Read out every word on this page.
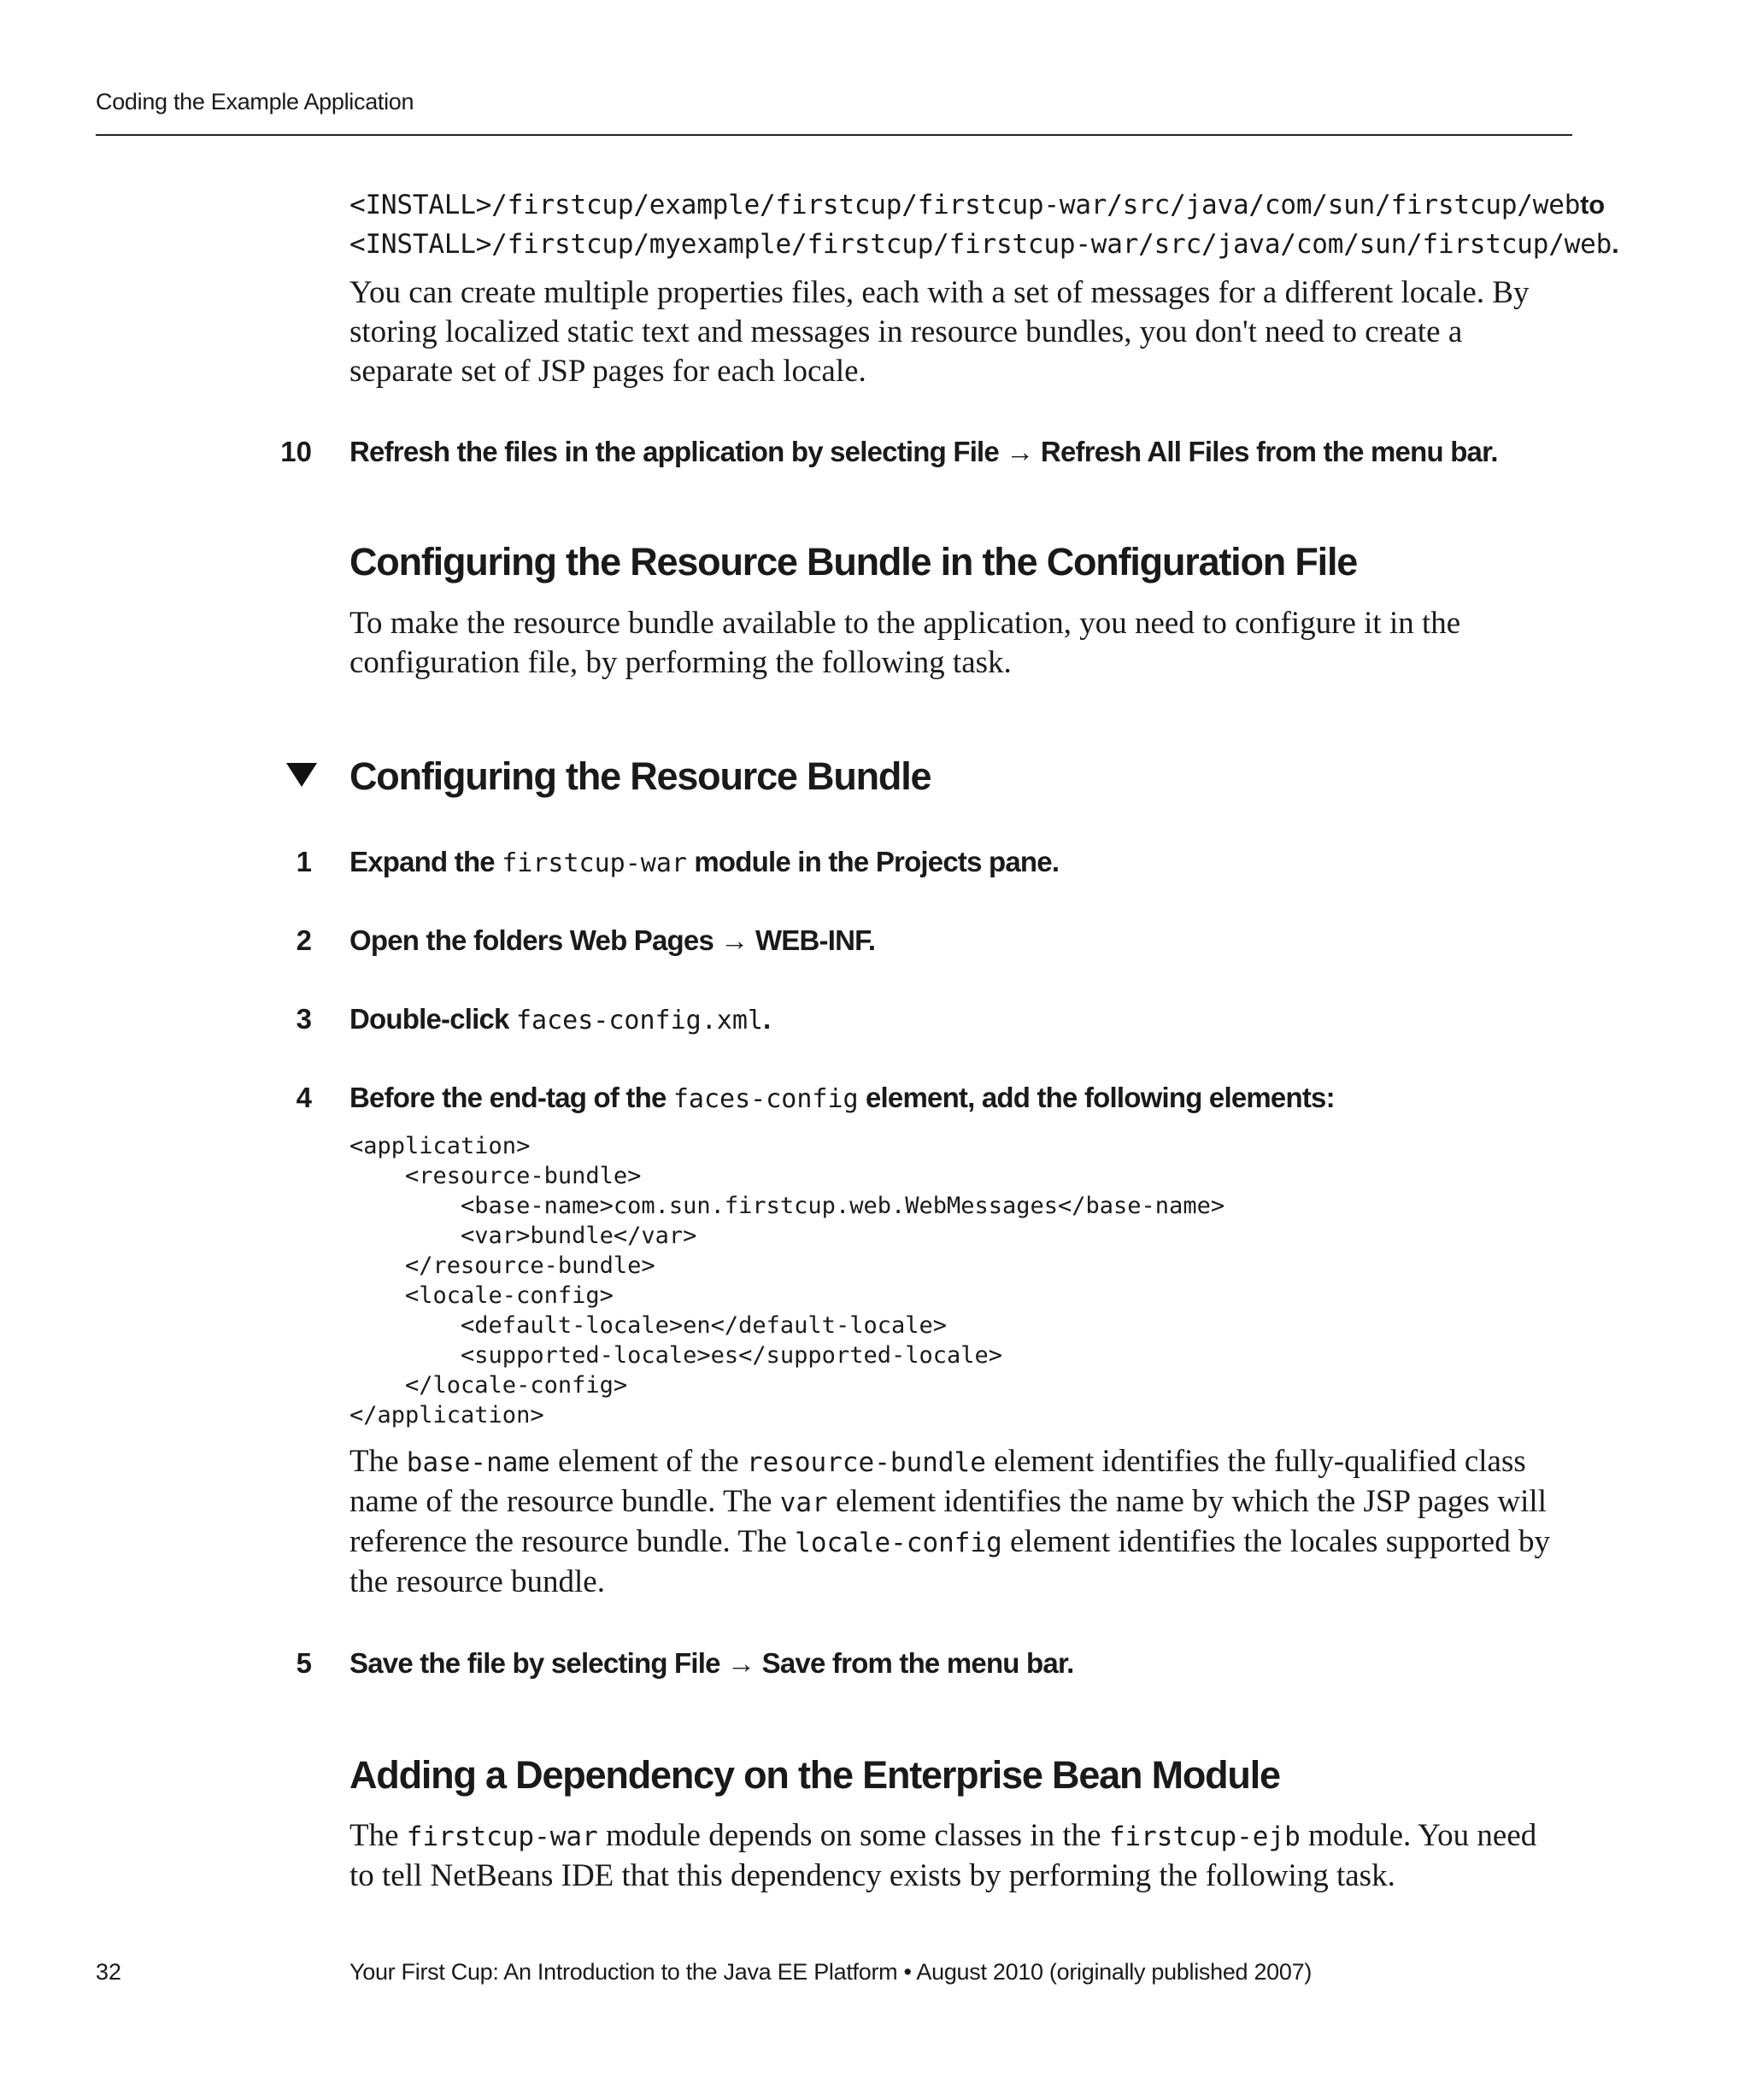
Coding the Example Application
<INSTALL>/firstcup/example/firstcup/firstcup-war/src/java/com/sun/firstcup/webto
<INSTALL>/firstcup/myexample/firstcup/firstcup-war/src/java/com/sun/firstcup/web.
You can create multiple properties files, each with a set of messages for a different locale. By storing localized static text and messages in resource bundles, you don't need to create a separate set of JSP pages for each locale.
10 Refresh the files in the application by selecting File → Refresh All Files from the menu bar.
Configuring the Resource Bundle in the Configuration File
To make the resource bundle available to the application, you need to configure it in the configuration file, by performing the following task.
Configuring the Resource Bundle
1 Expand the firstcup-war module in the Projects pane.
2 Open the folders Web Pages → WEB-INF.
3 Double-click faces-config.xml.
4 Before the end-tag of the faces-config element, add the following elements:
<application>
<resource-bundle>
<base-name>com.sun.firstcup.web.WebMessages</base-name>
<var>bundle</var>
</resource-bundle>
<locale-config>
<default-locale>en</default-locale>
<supported-locale>es</supported-locale>
</locale-config>
</application>
The base-name element of the resource-bundle element identifies the fully-qualified class name of the resource bundle. The var element identifies the name by which the JSP pages will reference the resource bundle. The locale-config element identifies the locales supported by the resource bundle.
5 Save the file by selecting File → Save from the menu bar.
Adding a Dependency on the Enterprise Bean Module
The firstcup-war module depends on some classes in the firstcup-ejb module. You need to tell NetBeans IDE that this dependency exists by performing the following task.
32	Your First Cup: An Introduction to the Java EE Platform • August 2010 (originally published 2007)
